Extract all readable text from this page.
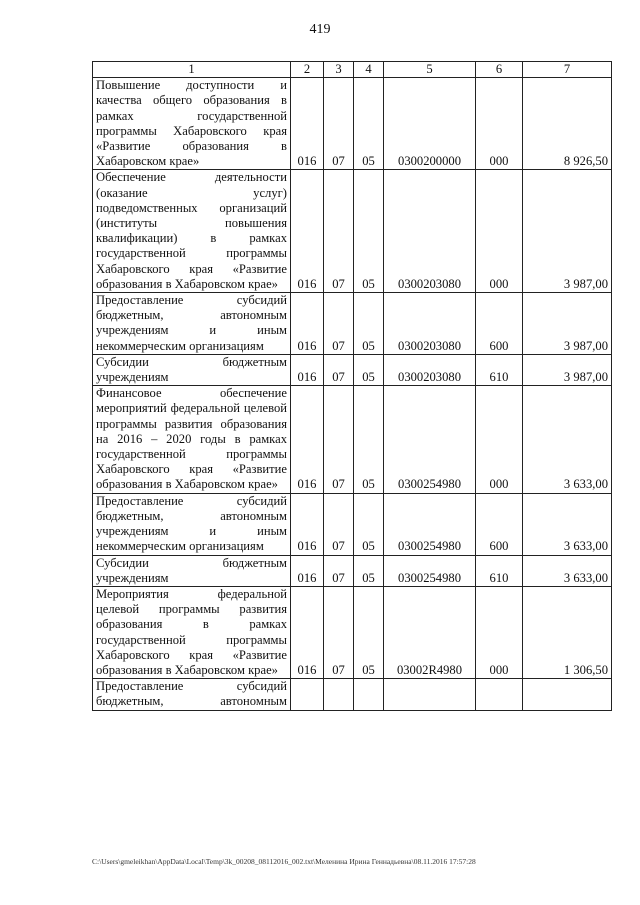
419
1	2	3	4	5	6	7
Повышение доступности и качества общего образования в рамках государственной программы Хабаровского края «Развитие образования в Хабаровском крае»	016	07	05	0300200000	000	8 926,50
Обеспечение деятельности (оказание услуг) подведомственных организаций (институты повышения квалификации) в рамках государственной программы Хабаровского края «Развитие образования в Хабаровском крае»	016	07	05	0300203080	000	3 987,00
Предоставление субсидий бюджетным, автономным учреждениям и иным некоммерческим организациям	016	07	05	0300203080	600	3 987,00
Субсидии бюджетным учреждениям	016	07	05	0300203080	610	3 987,00
Финансовое обеспечение мероприятий федеральной целевой программы развития образования на 2016 – 2020 годы в рамках государственной программы Хабаровского края «Развитие образования в Хабаровском крае»	016	07	05	0300254980	000	3 633,00
Предоставление субсидий бюджетным, автономным учреждениям и иным некоммерческим организациям	016	07	05	0300254980	600	3 633,00
Субсидии бюджетным учреждениям	016	07	05	0300254980	610	3 633,00
Мероприятия федеральной целевой программы развития образования в рамках государственной программы Хабаровского края «Развитие образования в Хабаровском крае»	016	07	05	03002R4980	000	1 306,50
Предоставление субсидий бюджетным, автономным						
C:\Users\gmeleikhan\AppData\Local\Temp\3k_00208_08112016_002.txt\Меленина Ирина Геннадьевна\08.11.2016 17:57:28
